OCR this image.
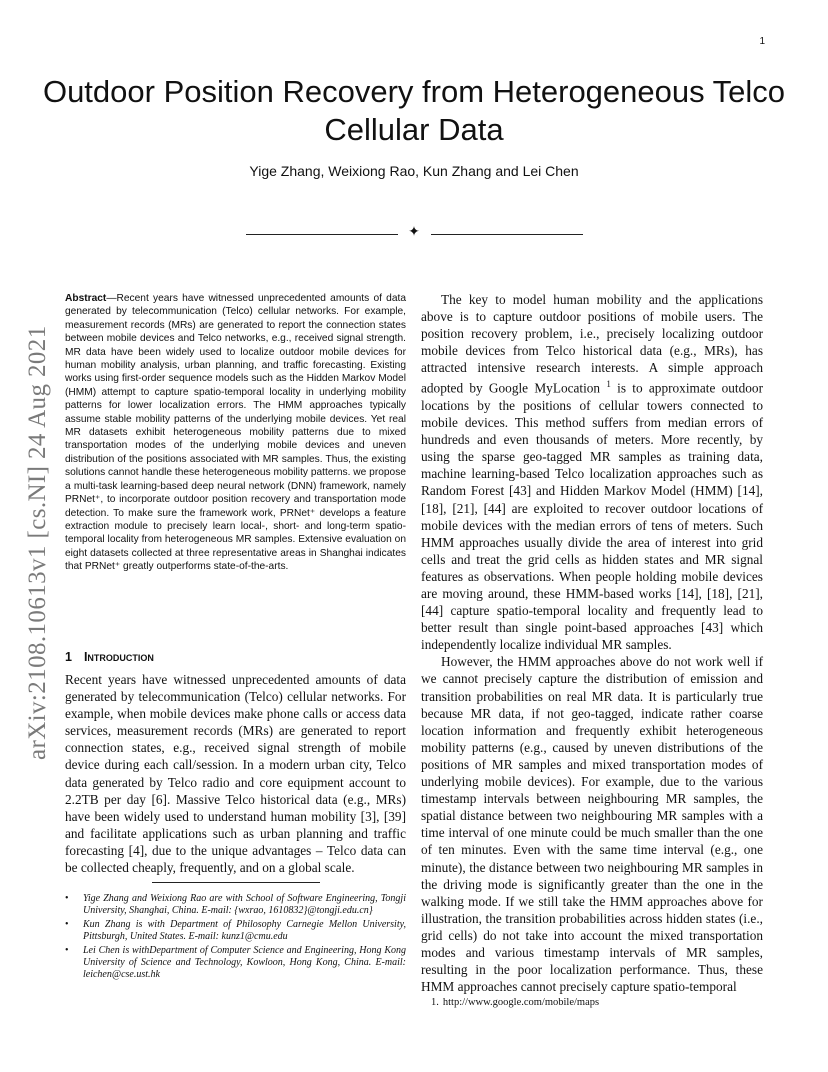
1
Outdoor Position Recovery from Heterogeneous Telco Cellular Data
Yige Zhang, Weixiong Rao, Kun Zhang and Lei Chen
✦
arXiv:2108.10613v1 [cs.NI] 24 Aug 2021

Abstract—Recent years have witnessed unprecedented amounts of data generated by telecommunication (Telco) cellular networks. For example, measurement records (MRs) are generated to report the connection states between mobile devices and Telco networks, e.g., received signal strength. MR data have been widely used to localize outdoor mobile devices for human mobility analysis, urban planning, and traffic forecasting. Existing works using first-order sequence models such as the Hidden Markov Model (HMM) attempt to capture spatio-temporal locality in underlying mobility patterns for lower localization errors. The HMM approaches typically assume stable mobility patterns of the underlying mobile devices. Yet real MR datasets exhibit heterogeneous mobility patterns due to mixed transportation modes of the underlying mobile devices and uneven distribution of the positions associated with MR samples. Thus, the existing solutions cannot handle these heterogeneous mobility patterns. we propose a multi-task learning-based deep neural network (DNN) framework, namely PRNet⁺, to incorporate outdoor position recovery and transportation mode detection. To make sure the framework work, PRNet⁺ develops a feature extraction module to precisely learn local-, short- and long-term spatio-temporal locality from heterogeneous MR samples. Extensive evaluation on eight datasets collected at three representative areas in Shanghai indicates that PRNet⁺ greatly outperforms state-of-the-arts.

1 Introduction

Recent years have witnessed unprecedented amounts of data generated by telecommunication (Telco) cellular networks. For example, when mobile devices make phone calls or access data services, measurement records (MRs) are generated to report connection states, e.g., received signal strength of mobile device during each call/session. In a modern urban city, Telco data generated by Telco radio and core equipment account to 2.2TB per day [6]. Massive Telco historical data (e.g., MRs) have been widely used to understand human mobility [3], [39] and facilitate applications such as urban planning and traffic forecasting [4], due to the unique advantages – Telco data can be collected cheaply, frequently, and on a global scale.

• Yige Zhang and Weixiong Rao are with School of Software Engineering, Tongji University, Shanghai, China. E-mail: {wxrao, 1610832}@tongji.edu.cn}
• Kun Zhang is with Department of Philosophy Carnegie Mellon University, Pittsburgh, United States. E-mail: kunz1@cmu.edu
• Lei Chen is withDepartment of Computer Science and Engineering, Hong Kong University of Science and Technology, Kowloon, Hong Kong, China. E-mail: leichen@cse.ust.hk

The key to model human mobility and the applications above is to capture outdoor positions of mobile users. The position recovery problem, i.e., precisely localizing outdoor mobile devices from Telco historical data (e.g., MRs), has attracted intensive research interests. A simple approach adopted by Google MyLocation $^1$ is to approximate outdoor locations by the positions of cellular towers connected to mobile devices. This method suffers from median errors of hundreds and even thousands of meters. More recently, by using the sparse geo-tagged MR samples as training data, machine learning-based Telco localization approaches such as Random Forest [43] and Hidden Markov Model (HMM) [14], [18], [21], [44] are exploited to recover outdoor locations of mobile devices with the median errors of tens of meters. Such HMM approaches usually divide the area of interest into grid cells and treat the grid cells as hidden states and MR signal features as observations. When people holding mobile devices are moving around, these HMM-based works [14], [18], [21], [44] capture spatio-temporal locality and frequently lead to better result than single point-based approaches [43] which independently localize individual MR samples.

However, the HMM approaches above do not work well if we cannot precisely capture the distribution of emission and transition probabilities on real MR data. It is particularly true because MR data, if not geo-tagged, indicate rather coarse location information and frequently exhibit heterogeneous mobility patterns (e.g., caused by uneven distributions of the positions of MR samples and mixed transportation modes of underlying mobile devices). For example, due to the various timestamp intervals between neighbouring MR samples, the spatial distance between two neighbouring MR samples with a time interval of one minute could be much smaller than the one of ten minutes. Even with the same time interval (e.g., one minute), the distance between two neighbouring MR samples in the driving mode is significantly greater than the one in the walking mode. If we still take the HMM approaches above for illustration, the transition probabilities across hidden states (i.e., grid cells) do not take into account the mixed transportation modes and various timestamp intervals of MR samples, resulting in the poor localization performance. Thus, these HMM approaches cannot precisely capture spatio-temporal

1. http://www.google.com/mobile/maps
